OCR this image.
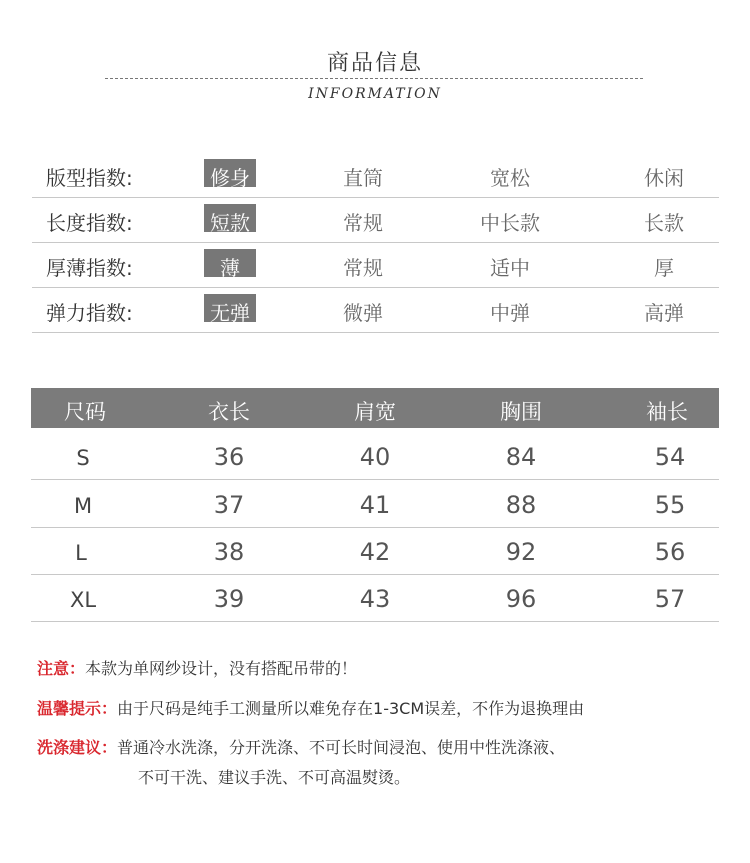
商品信息
INFORMATION
版型指数:	修身	直筒	宽松	休闲
长度指数:	短款	常规	中长款	长款
厚薄指数:	薄	常规	适中	厚
弹力指数:	无弹	微弹	中弹	高弹
尺码	衣长	肩宽	胸围	袖长
S	36	40	84	54
M	37	41	88	55
L	38	42	92	56
XL	39	43	96	57
注意：本款为单网纱设计，没有搭配吊带的！
温馨提示：由于尺码是纯手工测量所以难免存在1-3CM误差，不作为退换理由
洗涤建议：普通冷水洗涤，分开洗涤、不可长时间浸泡、使用中性洗涤液、
不可干洗、建议手洗、不可高温熨烫。
